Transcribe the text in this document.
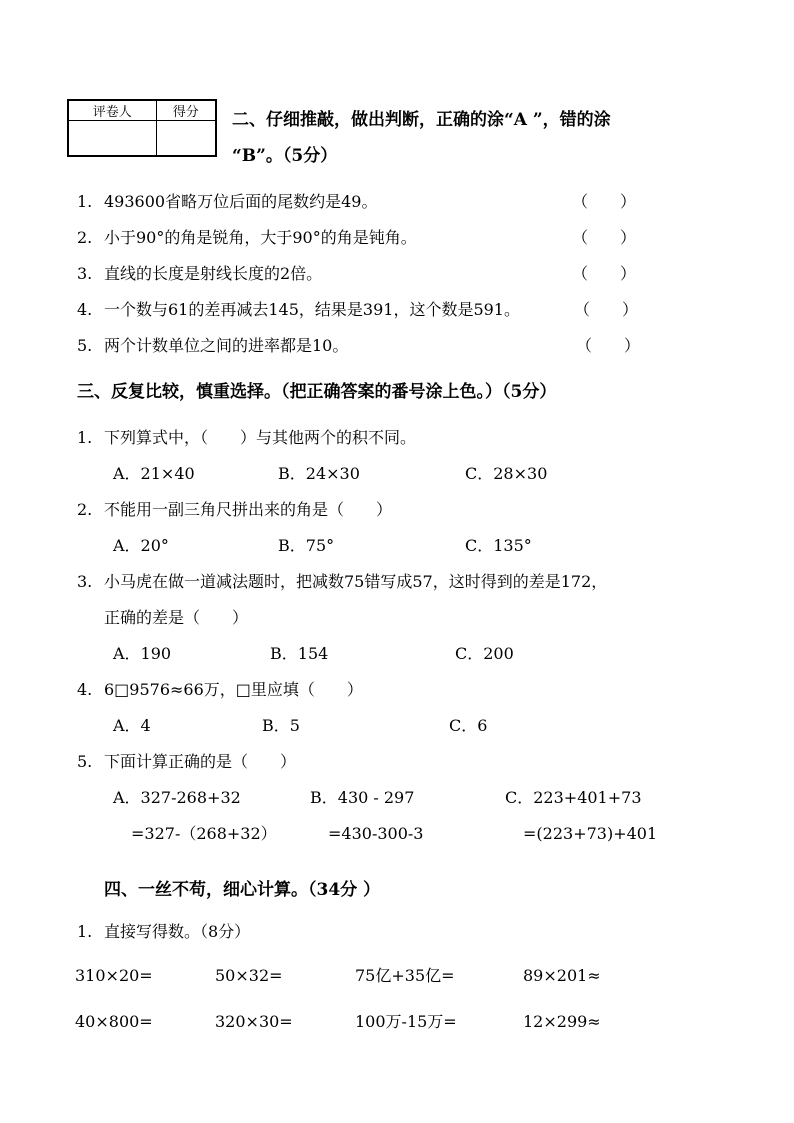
评卷人	得分
	二、仔细推敲，做出判断，正确的涂“A ”，错的涂
“B”。（5分）
1. 493600省略万位后面的尾数约是49。	（　　）
2. 小于90°的角是锐角，大于90°的角是钝角。	（　　）
3. 直线的长度是射线长度的2倍。	（　　）
4. 一个数与61的差再减去145，结果是391，这个数是591。	（　　）
5. 两个计数单位之间的进率都是10。	（　　）
三、反复比较，慎重选择。（把正确答案的番号涂上色。）（5分）
1. 下列算式中，（　　）与其他两个的积不同。
A．21×40	B．24×30	C．28×30
2. 不能用一副三角尺拼出来的角是（　　）
A．20°	B．75°	C．135°
3. 小马虎在做一道减法题时，把减数75错写成57，这时得到的差是172，
正确的差是（　　）
A．190	B．154	C．200
4. 6□9576≈66万，□里应填（　　）
A．4	B．5	C．6
5. 下面计算正确的是（　　）
A．327-268+32	B．430 - 297	C．223+401+73
=327-（268+32）	=430-300-3	=(223+73)+401
四、一丝不苟，细心计算。（34分 ）
1. 直接写得数。（8分）
310×20=	50×32=	75亿+35亿=	89×201≈
40×800=	320×30=	100万-15万=	12×299≈
